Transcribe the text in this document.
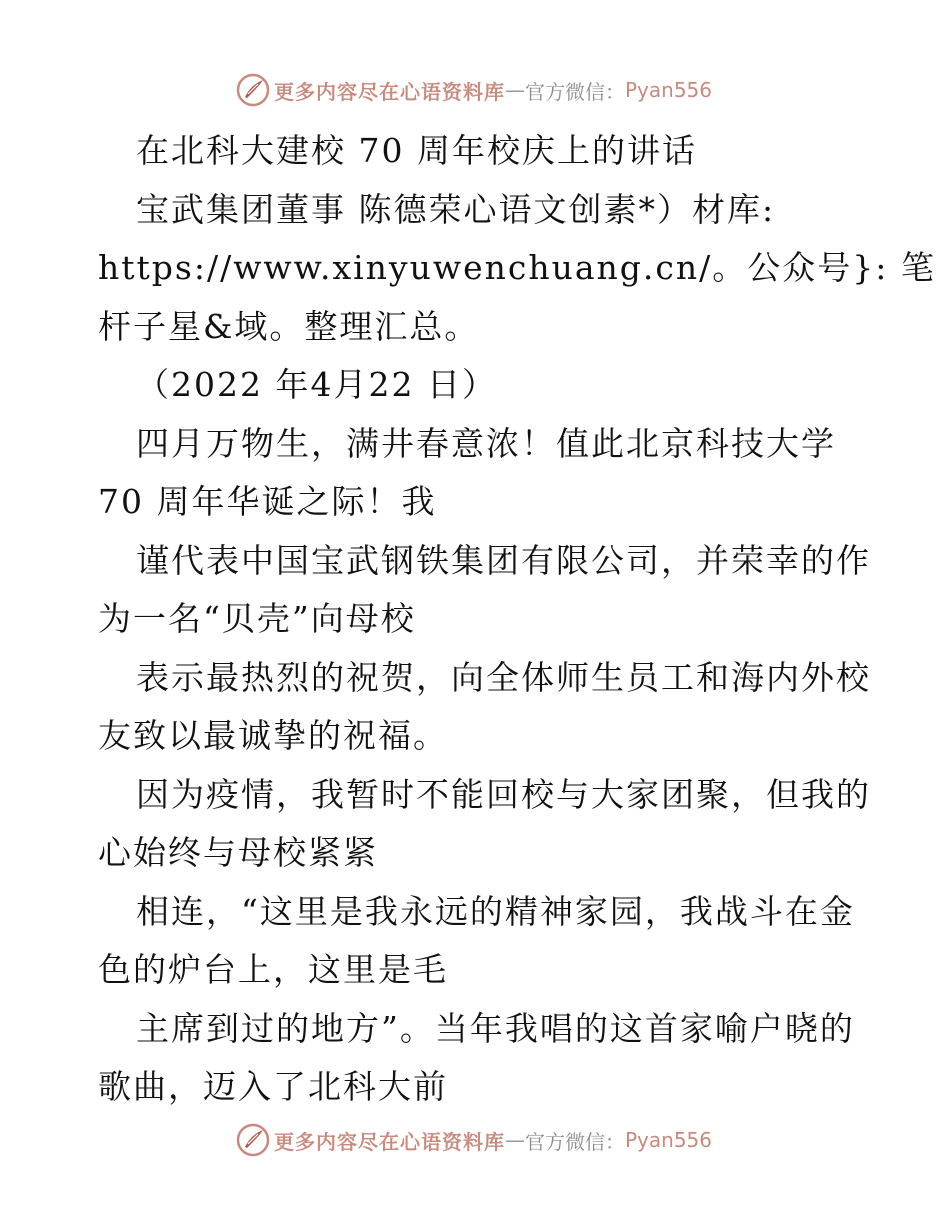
更多内容尽在心语资料库 — 官方微信： Pyan556
在北科大建校 70 周年校庆上的讲话
宝武集团董事 陈德荣心语文创素*）材库:
https://www.xinyuwenchuang.cn/。公众号}: 笔
杆子星&域。整理汇总。
（2022 年4月22 日）
四月万物生，满井春意浓！值此北京科技大学
70 周年华诞之际！我
谨代表中国宝武钢铁集团有限公司，并荣幸的作
为一名“贝壳”向母校
表示最热烈的祝贺，向全体师生员工和海内外校
友致以最诚挚的祝福。
因为疫情，我暂时不能回校与大家团聚，但我的
心始终与母校紧紧
相连，“这里是我永远的精神家园，我战斗在金
色的炉台上，这里是毛
主席到过的地方”。当年我唱的这首家喻户晓的
歌曲，迈入了北科大前
更多内容尽在心语资料库 — 官方微信： Pyan556
